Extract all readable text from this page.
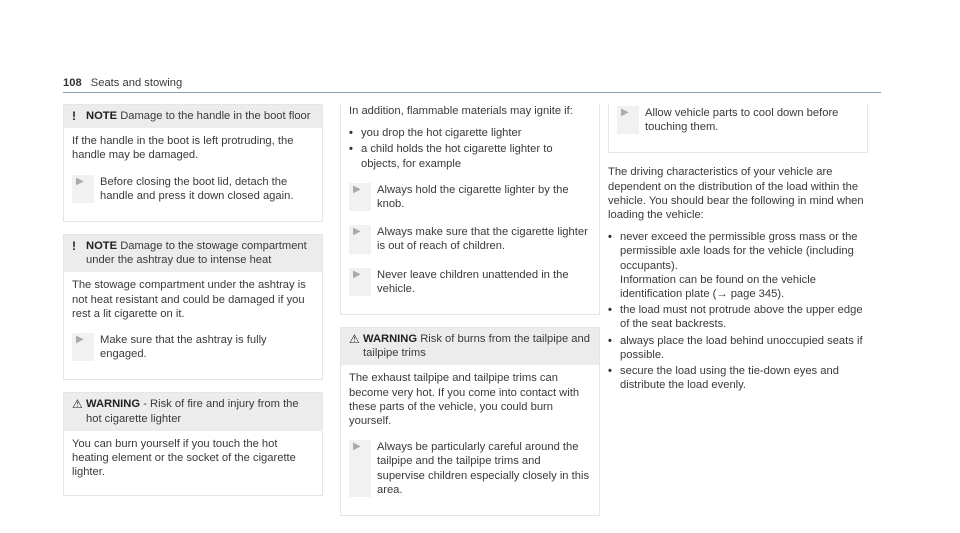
108 Seats and stowing
! NOTE Damage to the handle in the boot floor

If the handle in the boot is left protruding, the handle may be damaged.

▶	Before closing the boot lid, detach the handle and press it down closed again.
! NOTE Damage to the stowage compartment under the ashtray due to intense heat

The stowage compartment under the ashtray is not heat resistant and could be damaged if you rest a lit cigarette on it.

▶	Make sure that the ashtray is fully engaged.
⚠ WARNING - Risk of fire and injury from the hot cigarette lighter

You can burn yourself if you touch the hot heating element or the socket of the cigarette lighter.

In addition, flammable materials may ignite if:

• you drop the hot cigarette lighter
• a child holds the hot cigarette lighter to objects, for example
▶	Always hold the cigarette lighter by the knob.
▶	Always make sure that the cigarette lighter is out of reach of children.
▶	Never leave children unattended in the vehicle.
⚠ WARNING Risk of burns from the tailpipe and tailpipe trims

The exhaust tailpipe and tailpipe trims can become very hot. If you come into contact with these parts of the vehicle, you could burn yourself.

▶	Always be particularly careful around the tailpipe and the tailpipe trims and supervise children especially closely in this area.
▶	Allow vehicle parts to cool down before touching them.

The driving characteristics of your vehicle are dependent on the distribution of the load within the vehicle. You should bear the following in mind when loading the vehicle:

• never exceed the permissible gross mass or the permissible axle loads for the vehicle (including occupants).
Information can be found on the vehicle identification plate (→ page 345).
• the load must not protrude above the upper edge of the seat backrests.
• always place the load behind unoccupied seats if possible.
• secure the load using the tie-down eyes and distribute the load evenly.
